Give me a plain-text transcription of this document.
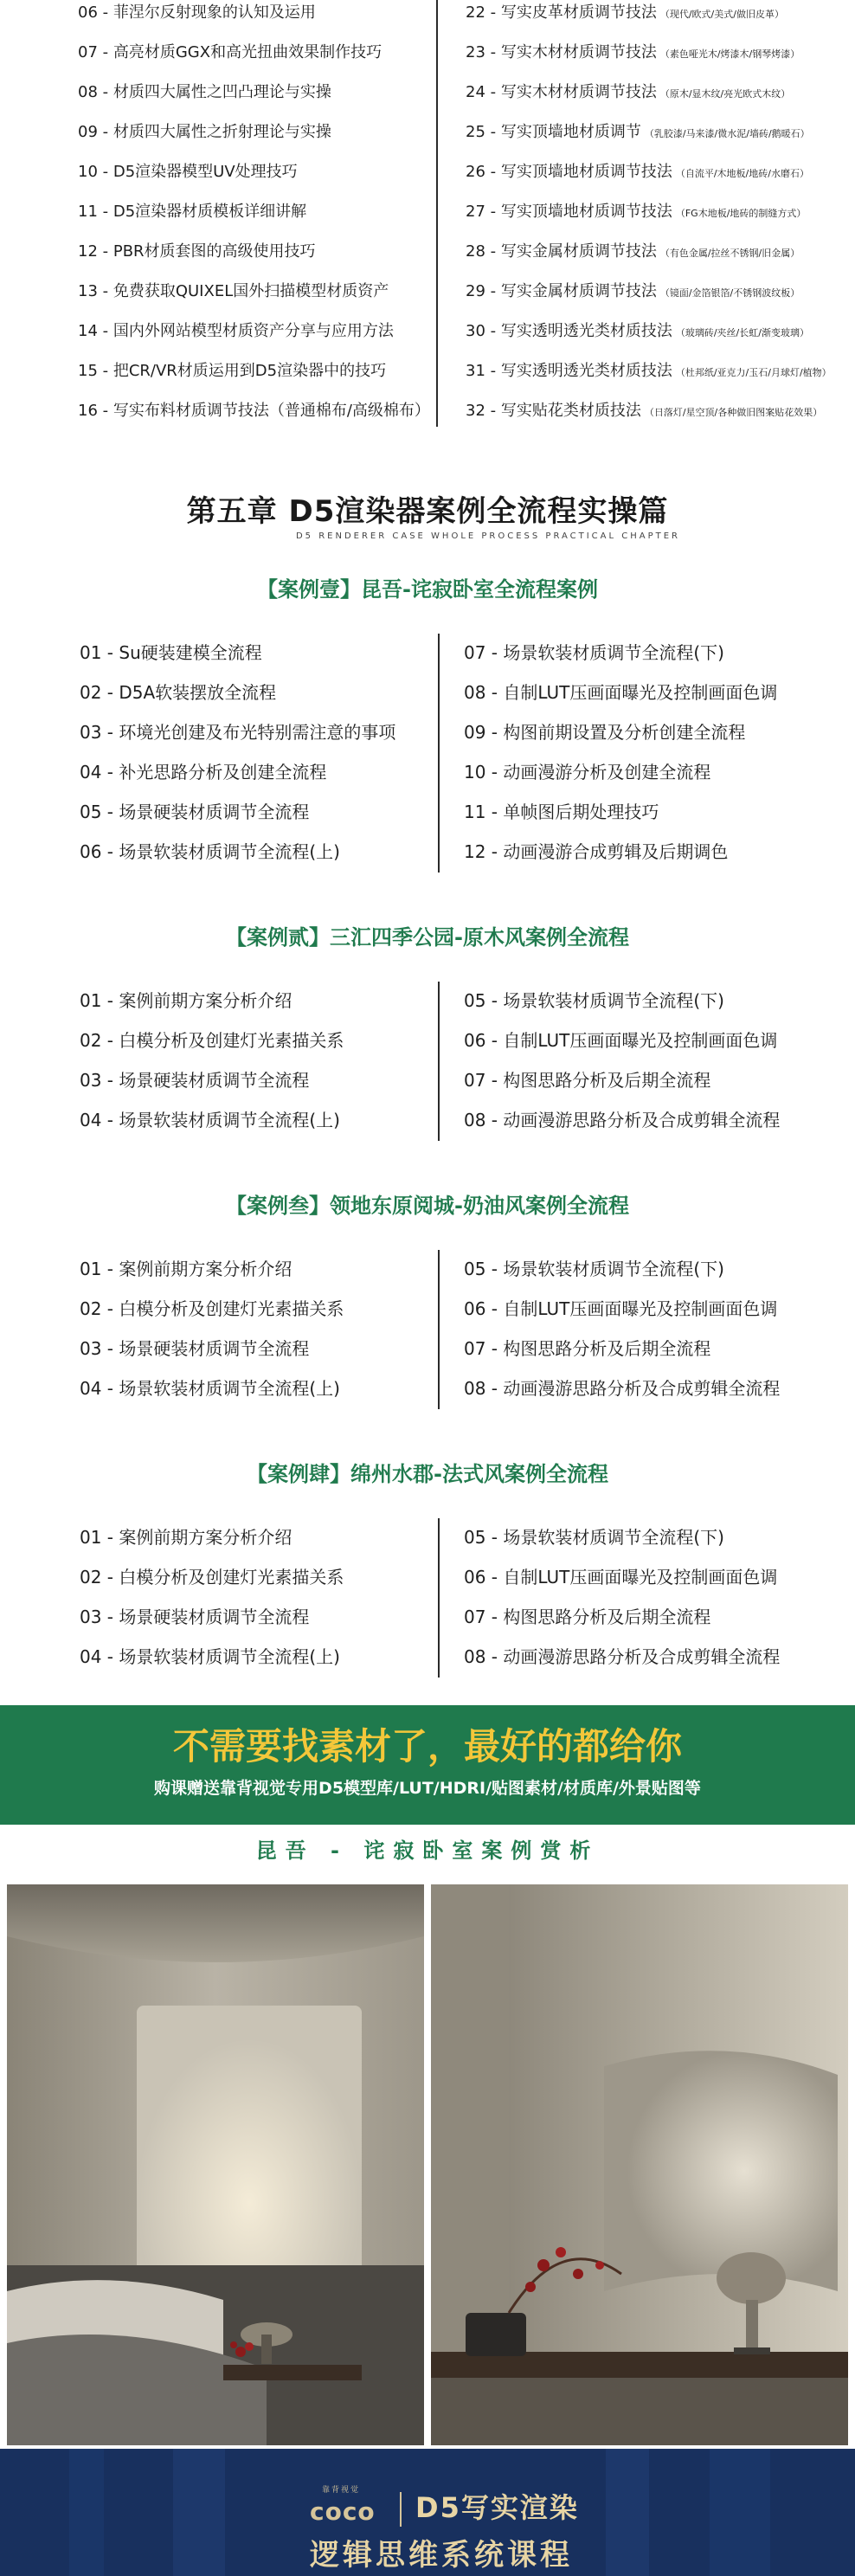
06 - 菲涅尔反射现象的认知及运用
07 - 高亮材质GGX和高光扭曲效果制作技巧
08 - 材质四大属性之凹凸理论与实操
09 - 材质四大属性之折射理论与实操
10 - D5渲染器模型UV处理技巧
11 - D5渲染器材质模板详细讲解
12 - PBR材质套图的高级使用技巧
13 - 免费获取QUIXEL国外扫描模型材质资产
14 - 国内外网站模型材质资产分享与应用方法
15 - 把CR/VR材质运用到D5渲染器中的技巧
16 - 写实布料材质调节技法（普通棉布/高级棉布）
22 - 写实皮革材质调节技法 （现代/欧式/美式/做旧皮革）
23 - 写实木材材质调节技法 （素色哑光木/烤漆木/钢琴烤漆）
24 - 写实木材材质调节技法 （原木/显木纹/亮光欧式木纹）
25 - 写实顶墙地材质调节 （乳胶漆/马来漆/微水泥/墙砖/鹅暖石）
26 - 写实顶墙地材质调节技法 （自流平/木地板/地砖/水磨石）
27 - 写实顶墙地材质调节技法 （FG木地板/地砖的制缝方式）
28 - 写实金属材质调节技法 （有色金属/拉丝不锈钢/旧金属）
29 - 写实金属材质调节技法 （镜面/金箔银箔/不锈钢波纹板）
30 - 写实透明透光类材质技法 （玻璃砖/夹丝/长虹/渐变玻璃）
31 - 写实透明透光类材质技法 （杜邦纸/亚克力/玉石/月球灯/植物）
32 - 写实贴花类材质技法 （日落灯/星空顶/各种做旧图案贴花效果）
第五章 D5渲染器案例全流程实操篇
D5 RENDERER CASE WHOLE PROCESS PRACTICAL CHAPTER
【案例壹】昆吾-诧寂卧室全流程案例
01 - Su硬装建模全流程
02 - D5A软装摆放全流程
03 - 环境光创建及布光特别需注意的事项
04 - 补光思路分析及创建全流程
05 - 场景硬装材质调节全流程
06 - 场景软装材质调节全流程(上)
07 - 场景软装材质调节全流程(下)
08 - 自制LUT压画面曝光及控制画面色调
09 - 构图前期设置及分析创建全流程
10 - 动画漫游分析及创建全流程
11 - 单帧图后期处理技巧
12 - 动画漫游合成剪辑及后期调色
【案例贰】三汇四季公园-原木风案例全流程
01 - 案例前期方案分析介绍
02 - 白模分析及创建灯光素描关系
03 - 场景硬装材质调节全流程
04 - 场景软装材质调节全流程(上)
05 - 场景软装材质调节全流程(下)
06 - 自制LUT压画面曝光及控制画面色调
07 - 构图思路分析及后期全流程
08 - 动画漫游思路分析及合成剪辑全流程
【案例叁】领地东原阅城-奶油风案例全流程
01 - 案例前期方案分析介绍
02 - 白模分析及创建灯光素描关系
03 - 场景硬装材质调节全流程
04 - 场景软装材质调节全流程(上)
05 - 场景软装材质调节全流程(下)
06 - 自制LUT压画面曝光及控制画面色调
07 - 构图思路分析及后期全流程
08 - 动画漫游思路分析及合成剪辑全流程
【案例肆】绵州水郡-法式风案例全流程
01 - 案例前期方案分析介绍
02 - 白模分析及创建灯光素描关系
03 - 场景硬装材质调节全流程
04 - 场景软装材质调节全流程(上)
05 - 场景软装材质调节全流程(下)
06 - 自制LUT压画面曝光及控制画面色调
07 - 构图思路分析及后期全流程
08 - 动画漫游思路分析及合成剪辑全流程
不需要找素材了，最好的都给你
购课赠送靠背视觉专用D5模型库/LUT/HDRI/贴图素材/材质库/外景贴图等
昆吾 - 诧寂卧室案例赏析
靠背视觉
coco D5写实渲染
逻辑思维系统课程
